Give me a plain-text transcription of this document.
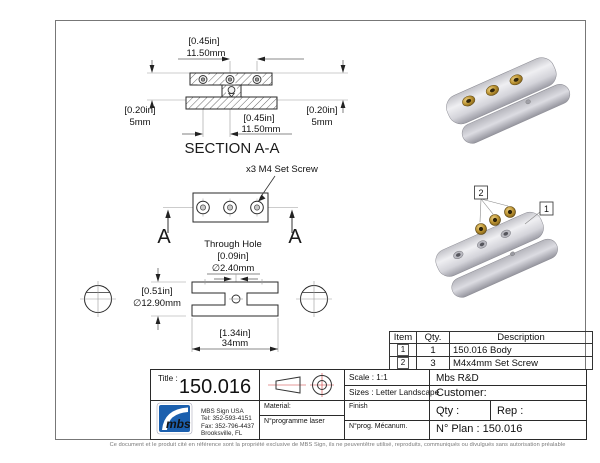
[0.45in]
11.50mm
[0.45in]
11.50mm
[0.20in]
5mm
[0.20in]
5mm
SECTION A-A
x3 M4 Set Screw
A	A
Through Hole
[0.09in]
∅2.40mm
[0.51in]
∅12.90mm
[1.34in]
34mm
2
1
Item	Qty.	Description
1	1	150.016 Body
2	3	M4x4mm Set Screw
Title : 150.016	Scale : 1:1
Sizes : Letter Landscape
Mbs R&D
Customer:
mbs
MBS Sign USA
Tel: 352-593-4151
Fax: 352-796-4437
Brooksville, FL
Material:
N°programme laser
Finish
N°prog. Mécanum.
Qty :	Rep :
N° Plan : 150.016
Ce document et le produit cité en référence sont la propriété exclusive de MBS Sign, ils ne peuventêtre utilisé, reproduits, communiqués ou divulgués sans autorisation préalable
